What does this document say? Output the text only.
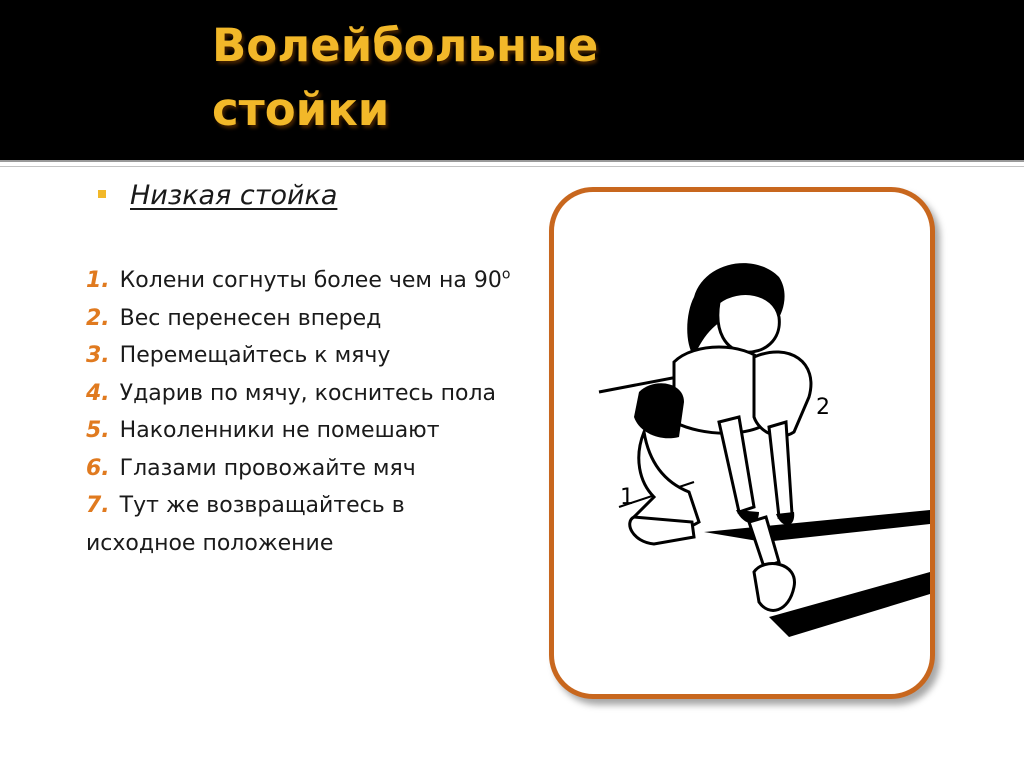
Волейбольные стойки
Низкая стойка
1. Колени согнуты более чем на 90$^o$
2. Вес перенесен вперед
3. Перемещайтесь к мячу
4. Ударив по мячу, коснитесь пола
5. Наколенники не помешают
6. Глазами провожайте мяч
7. Тут же возвращайтесь в исходное положение
1
2
